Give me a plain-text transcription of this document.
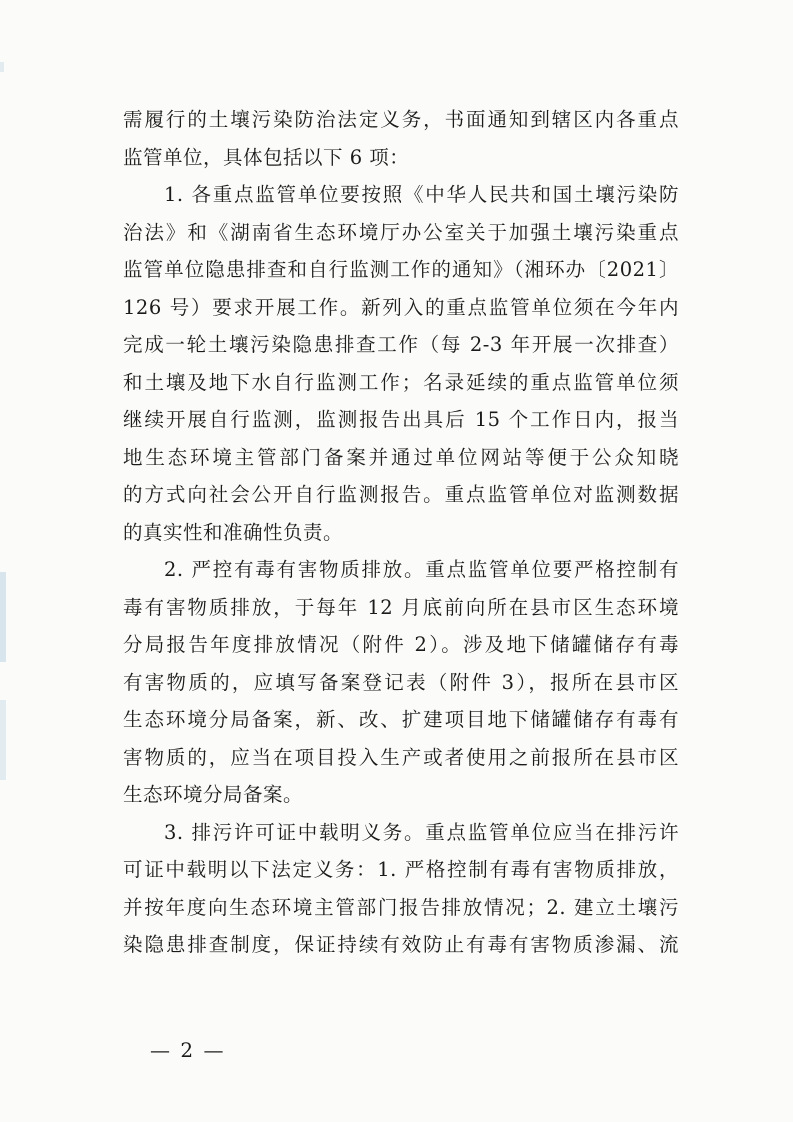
需履行的土壤污染防治法定义务，书面通知到辖区内各重点
监管单位，具体包括以下 6 项：
1. 各重点监管单位要按照《中华人民共和国土壤污染防
治法》和《湖南省生态环境厅办公室关于加强土壤污染重点
监管单位隐患排查和自行监测工作的通知》（湘环办〔2021〕
126 号）要求开展工作。新列入的重点监管单位须在今年内
完成一轮土壤污染隐患排查工作（每 2-3 年开展一次排查）
和土壤及地下水自行监测工作；名录延续的重点监管单位须
继续开展自行监测，监测报告出具后 15 个工作日内，报当
地生态环境主管部门备案并通过单位网站等便于公众知晓
的方式向社会公开自行监测报告。重点监管单位对监测数据
的真实性和准确性负责。
2. 严控有毒有害物质排放。重点监管单位要严格控制有
毒有害物质排放，于每年 12 月底前向所在县市区生态环境
分局报告年度排放情况（附件 2）。涉及地下储罐储存有毒
有害物质的，应填写备案登记表（附件 3），报所在县市区
生态环境分局备案，新、改、扩建项目地下储罐储存有毒有
害物质的，应当在项目投入生产或者使用之前报所在县市区
生态环境分局备案。
3. 排污许可证中载明义务。重点监管单位应当在排污许
可证中载明以下法定义务：1. 严格控制有毒有害物质排放，
并按年度向生态环境主管部门报告排放情况；2. 建立土壤污
染隐患排查制度，保证持续有效防止有毒有害物质渗漏、流
— 2 —
